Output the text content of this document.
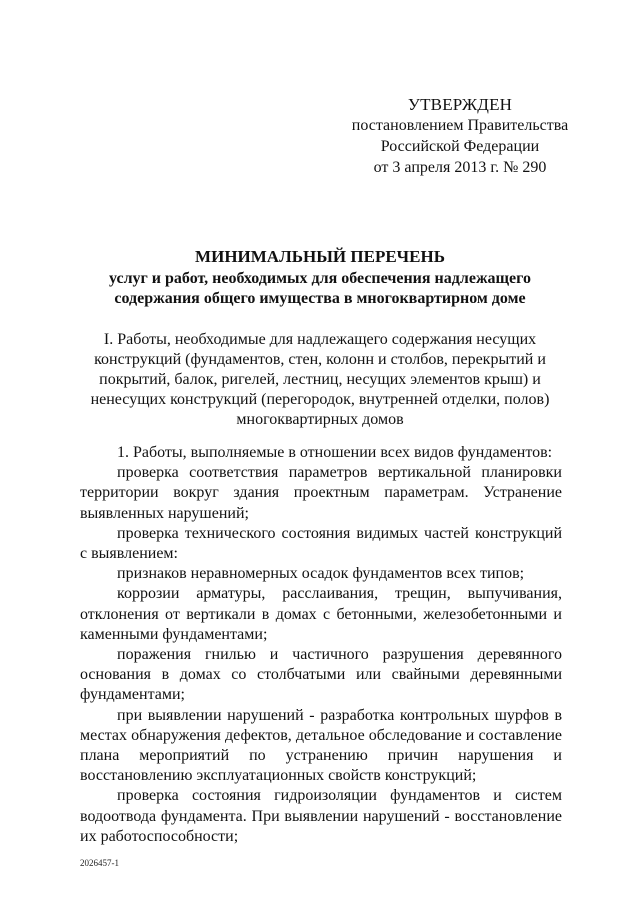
УТВЕРЖДЕН
постановлением Правительства
Российской Федерации
от 3 апреля 2013 г. № 290
МИНИМАЛЬНЫЙ ПЕРЕЧЕНЬ
услуг и работ, необходимых для обеспечения надлежащего содержания общего имущества в многоквартирном доме
I. Работы, необходимые для надлежащего содержания несущих конструкций (фундаментов, стен, колонн и столбов, перекрытий и покрытий, балок, ригелей, лестниц, несущих элементов крыш) и ненесущих конструкций (перегородок, внутренней отделки, полов) многоквартирных домов

1. Работы, выполняемые в отношении всех видов фундаментов:

проверка соответствия параметров вертикальной планировки территории вокруг здания проектным параметрам. Устранение выявленных нарушений;

проверка технического состояния видимых частей конструкций с выявлением:

признаков неравномерных осадок фундаментов всех типов;

коррозии арматуры, расслаивания, трещин, выпучивания, отклонения от вертикали в домах с бетонными, железобетонными и каменными фундаментами;

поражения гнилью и частичного разрушения деревянного основания в домах со столбчатыми или свайными деревянными фундаментами;

при выявлении нарушений - разработка контрольных шурфов в местах обнаружения дефектов, детальное обследование и составление плана мероприятий по устранению причин нарушения и восстановлению эксплуатационных свойств конструкций;

проверка состояния гидроизоляции фундаментов и систем водоотвода фундамента. При выявлении нарушений - восстановление их работоспособности;

2026457-1
